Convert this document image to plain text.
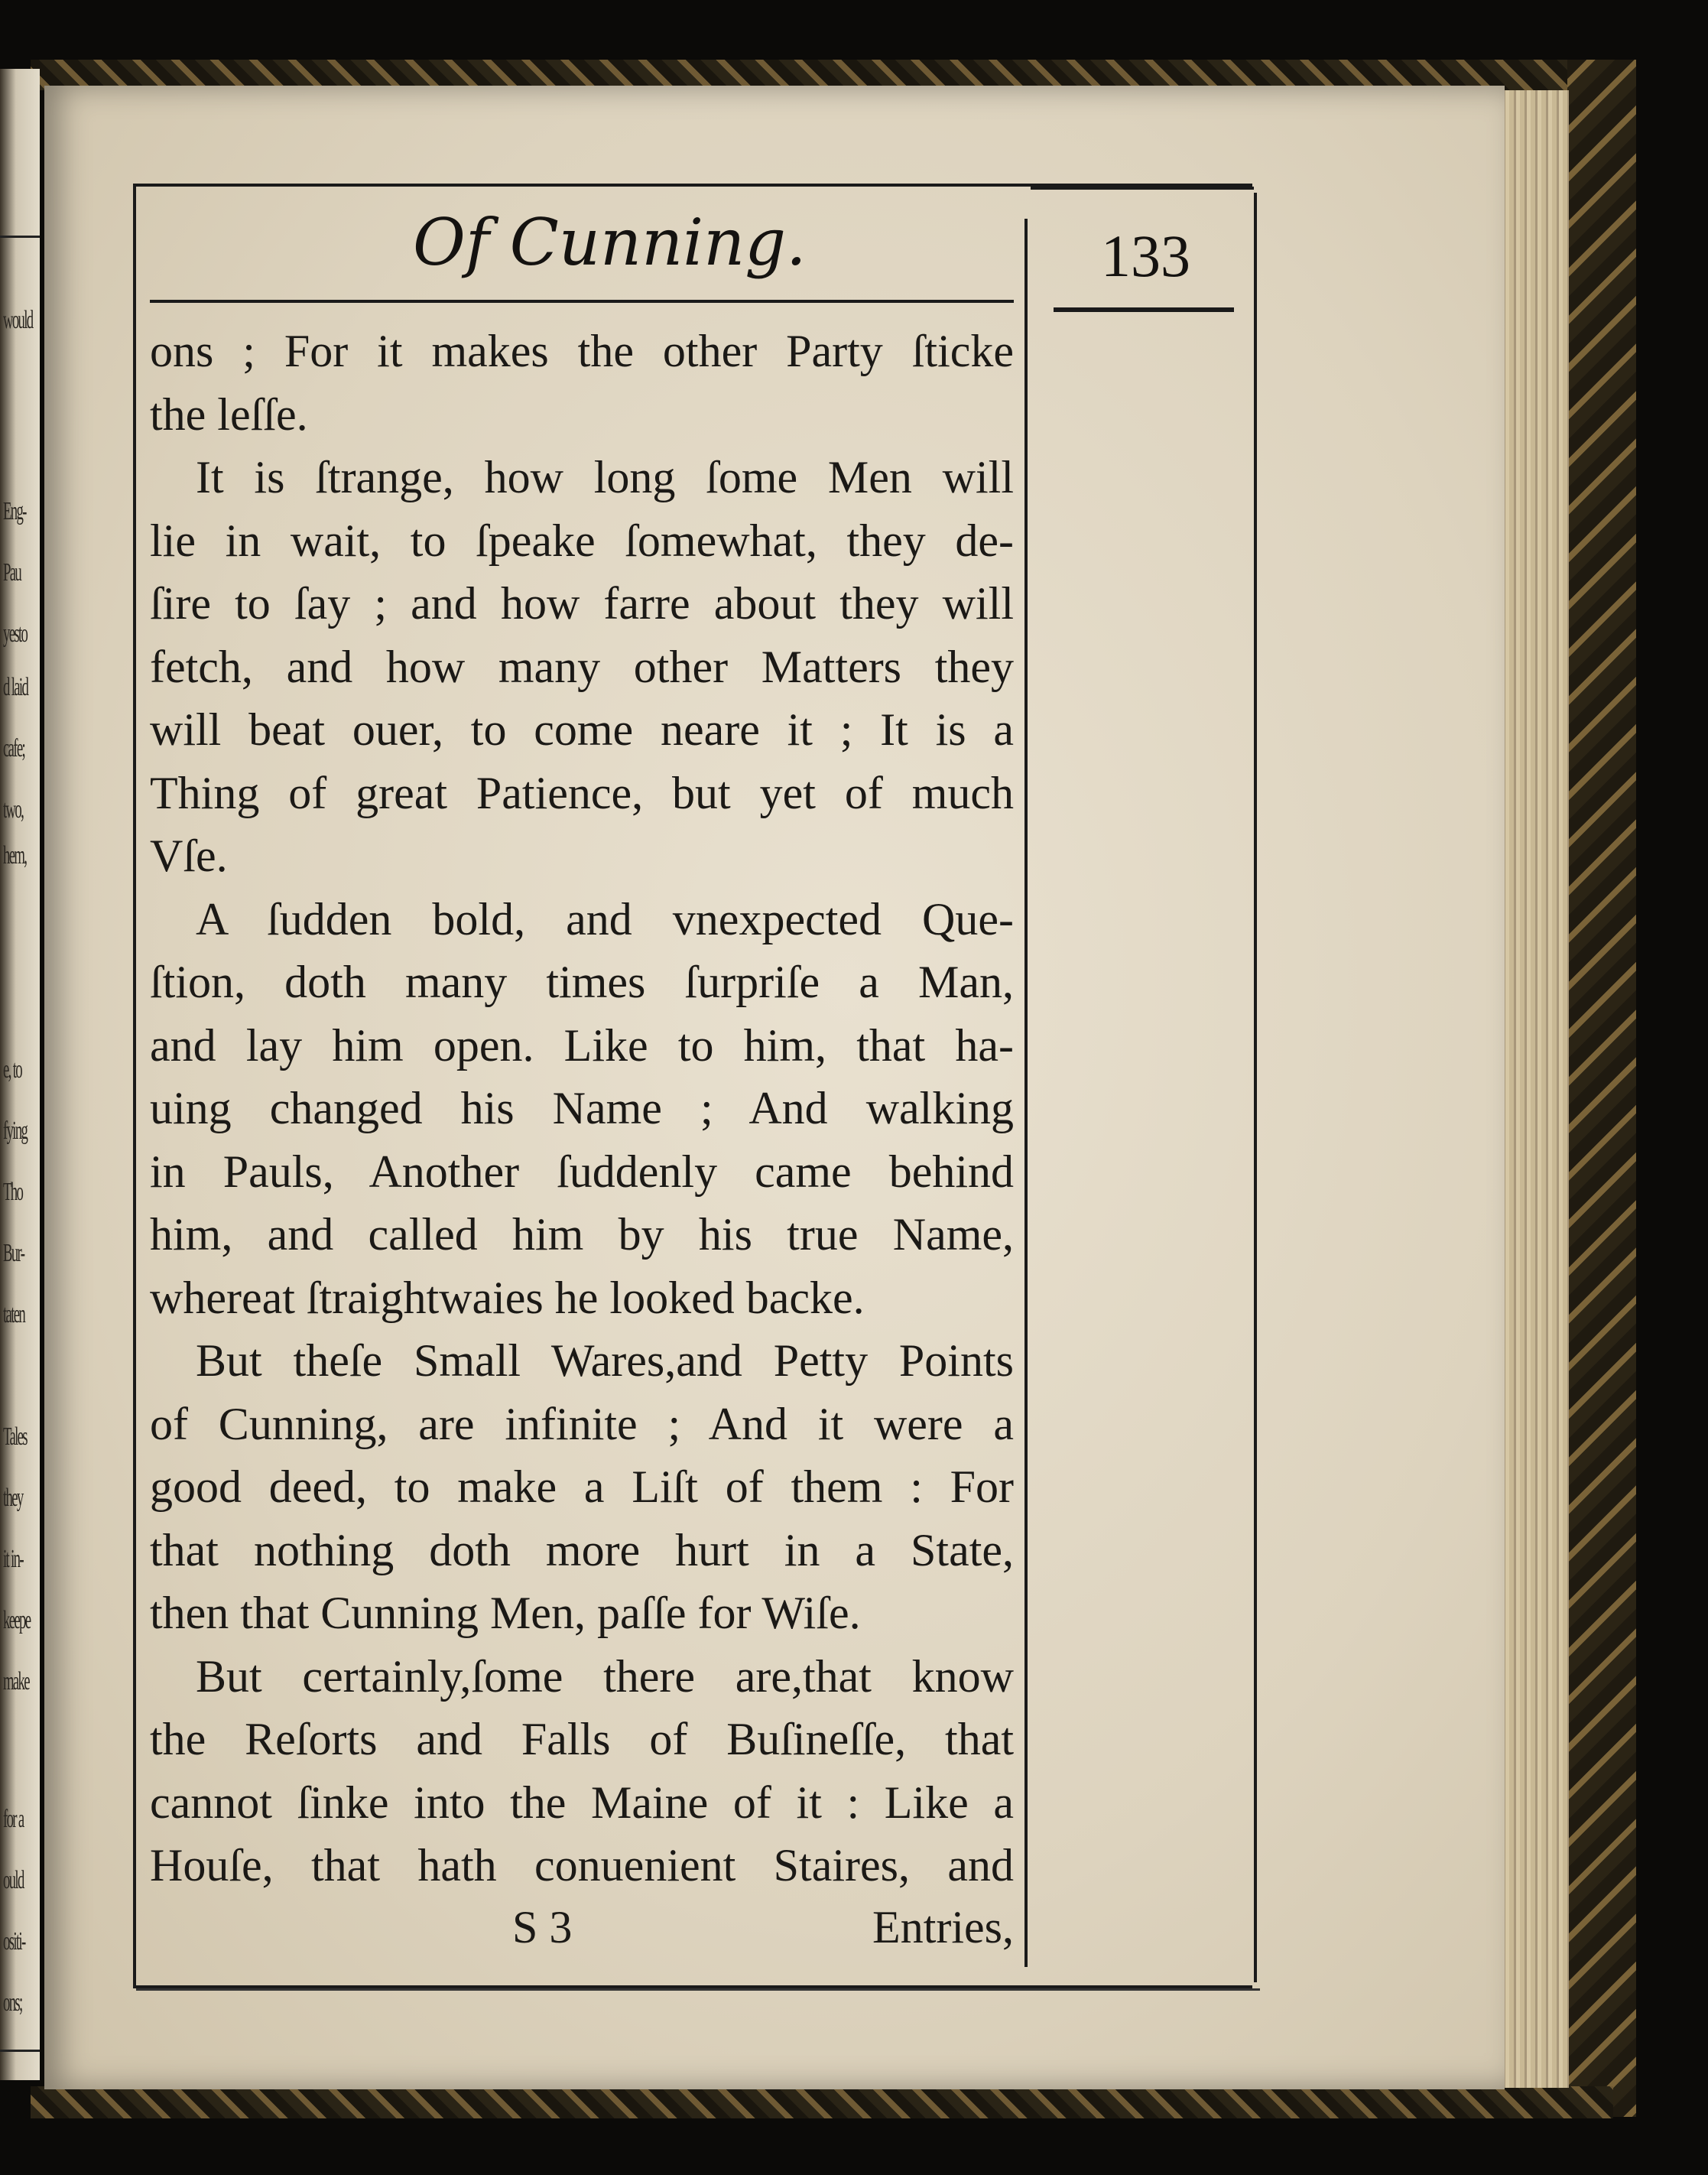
would
Eng-
Pau
yesto
d laid
cafe;
two,
hem,
e, to
fying
Tho
Bur-
taten
Tales
they
it in-
keepe
make
for a
ould
ositi-
ons;
Of Cunning.	133
ons ; For it makes the other Party ſticke
the leſſe.
It is ſtrange, how long ſome Men will
lie in wait, to ſpeake ſomewhat, they de-
ſire to ſay ; and how farre about they will
fetch, and how many other Matters they
will beat ouer, to come neare it ; It is a
Thing of great Patience, but yet of much
Vſe.
A ſudden bold, and vnexpected Que-
ſtion, doth many times ſurpriſe a Man,
and lay him open. Like to him, that ha-
uing changed his Name ; And walking
in Pauls, Another ſuddenly came behind
him, and called him by his true Name,
whereat ſtraightwaies he looked backe.
But theſe Small Wares,and Petty Points
of Cunning, are infinite ; And it were a
good deed, to make a Liſt of them : For
that nothing doth more hurt in a State,
then that Cunning Men, paſſe for Wiſe.
But certainly,ſome there are,that know
the Reſorts and Falls of Buſineſſe, that
cannot ſinke into the Maine of it : Like a
Houſe, that hath conuenient Staires, and
S 3	Entries,
